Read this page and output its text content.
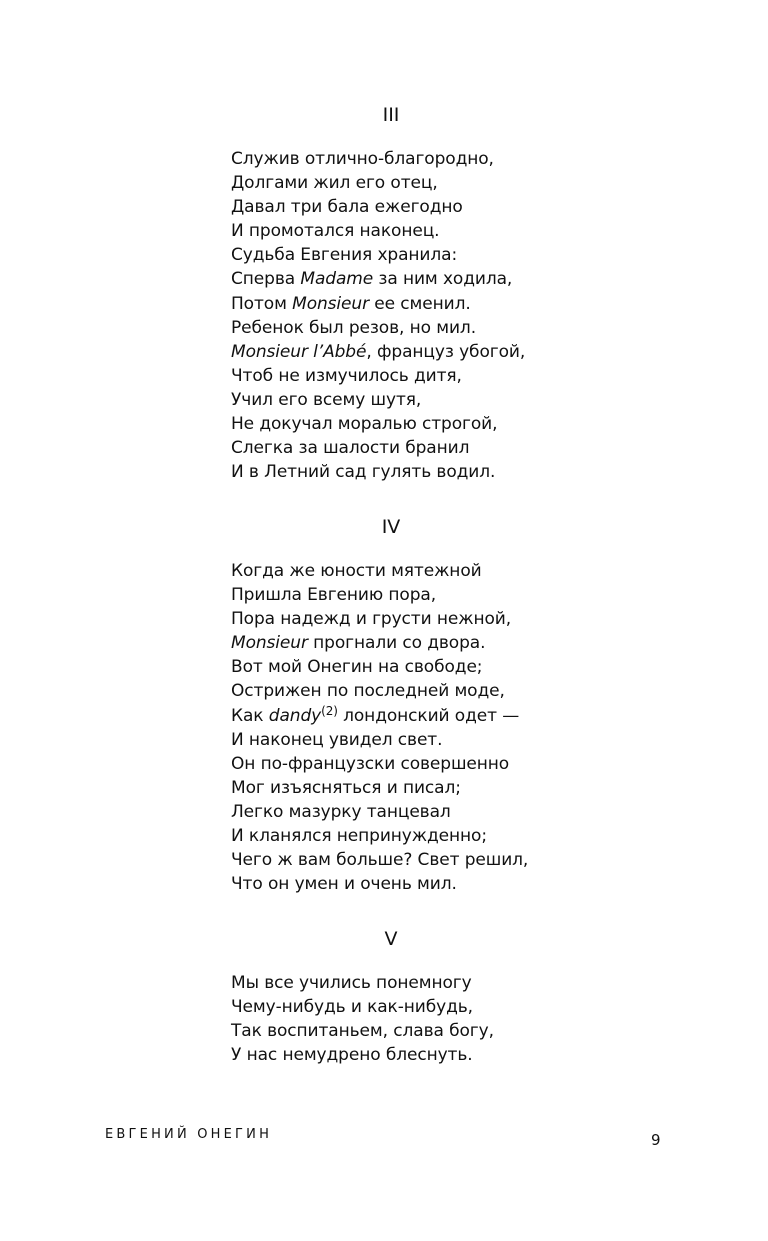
III
Служив отлично-благородно,
Долгами жил его отец,
Давал три бала ежегодно
И промотался наконец.
Судьба Евгения хранила:
Сперва Madame за ним ходила,
Потом Monsieur ее сменил.
Ребенок был резов, но мил.
Monsieur l’Abbé, француз убогой,
Чтоб не измучилось дитя,
Учил его всему шутя,
Не докучал моралью строгой,
Слегка за шалости бранил
И в Летний сад гулять водил.
IV
Когда же юности мятежной
Пришла Евгению пора,
Пора надежд и грусти нежной,
Monsieur прогнали со двора.
Вот мой Онегин на свободе;
Острижен по последней моде,
Как dandy$^{(2)}$ лондонский одет —
И наконец увидел свет.
Он по-французски совершенно
Мог изъясняться и писал;
Легко мазурку танцевал
И кланялся непринужденно;
Чего ж вам больше? Свет решил,
Что он умен и очень мил.
V
Мы все учились понемногу
Чему-нибудь и как-нибудь,
Так воспитаньем, слава богу,
У нас немудрено блеснуть.
ЕВГЕНИЙ ОНЕГИН	9
